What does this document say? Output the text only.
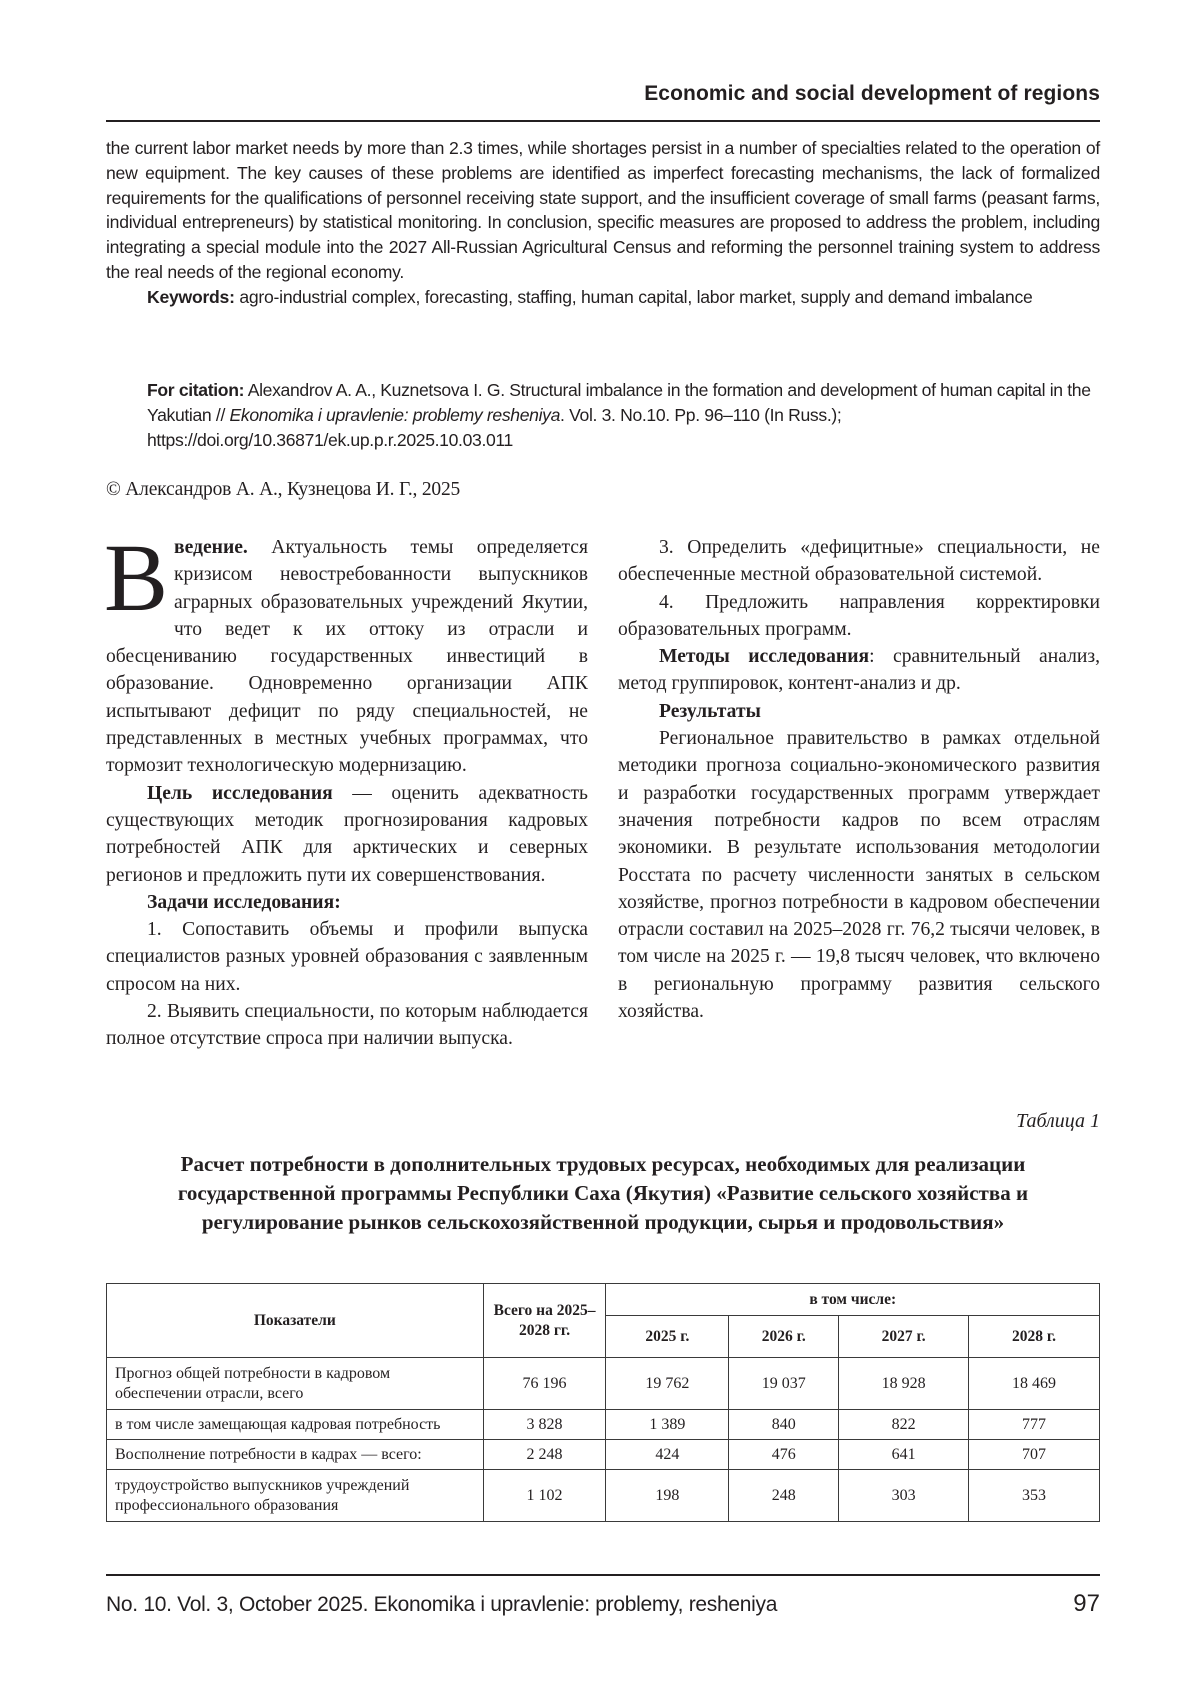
Economic and social development of regions

the current labor market needs by more than 2.3 times, while shortages persist in a number of specialties related to the operation of new equipment. The key causes of these problems are identified as imperfect forecasting mechanisms, the lack of formalized requirements for the qualifications of personnel receiving state support, and the insufficient coverage of small farms (peasant farms, individual entrepreneurs) by statistical monitoring. In conclusion, specific measures are proposed to address the problem, including integrating a special module into the 2027 All-Russian Agricultural Census and reforming the personnel training system to address the real needs of the regional economy.

Keywords: agro-industrial complex, forecasting, staffing, human capital, labor market, supply and demand imbalance

For citation: Alexandrov A. A., Kuznetsova I. G. Structural imbalance in the formation and development of human capital in the Yakutian // Ekonomika i upravlenie: problemy resheniya. Vol. 3. No.10. Pp. 96–110 (In Russ.); https://doi.org/10.36871/ek.up.p.r.2025.10.03.011
© Александров А. А., Кузнецова И. Г., 2025

Введение. Актуальность темы определяется кризисом невостребованности выпускников аграрных образовательных учреждений Якутии, что ведет к их оттоку из отрасли и обесцениванию государственных инвестиций в образование. Одновременно организации АПК испытывают дефицит по ряду специальностей, не представленных в местных учебных программах, что тормозит технологическую модернизацию.

Цель исследования — оценить адекватность существующих методик прогнозирования кадровых потребностей АПК для арктических и северных регионов и предложить пути их совершенствования.

Задачи исследования:

1. Сопоставить объемы и профили выпуска специалистов разных уровней образования с заявленным спросом на них.

2. Выявить специальности, по которым наблюдается полное отсутствие спроса при наличии выпуска.

3. Определить «дефицитные» специальности, не обеспеченные местной образовательной системой.

4. Предложить направления корректировки образовательных программ.

Методы исследования: сравнительный анализ, метод группировок, контент-анализ и др.

Результаты

Региональное правительство в рамках отдельной методики прогноза социально-экономического развития и разработки государственных программ утверждает значения потребности кадров по всем отраслям экономики. В результате использования методологии Росстата по расчету численности занятых в сельском хозяйстве, прогноз потребности в кадровом обеспечении отрасли составил на 2025–2028 гг. 76,2 тысячи человек, в том числе на 2025 г. — 19,8 тысяч человек, что включено в региональную программу развития сельского хозяйства.

Таблица 1
Расчет потребности в дополнительных трудовых ресурсах, необходимых для реализации государственной программы Республики Саха (Якутия) «Развитие сельского хозяйства и регулирование рынков сельскохозяйственной продукции, сырья и продовольствия»
Показатели	Всего на 2025–2028 гг.	в том числе:			
		2025 г.	2026 г.	2027 г.	2028 г.
Прогноз общей потребности в кадровом обеспечении отрасли, всего	76 196	19 762	19 037	18 928	18 469
в том числе замещающая кадровая потребность	3 828	1 389	840	822	777
Восполнение потребности в кадрах — всего:	2 248	424	476	641	707
трудоустройство выпускников учреждений профессионального образования	1 102	198	248	303	353
No. 10. Vol. 3, October 2025. Ekonomika i upravlenie: problemy, resheniya	97
